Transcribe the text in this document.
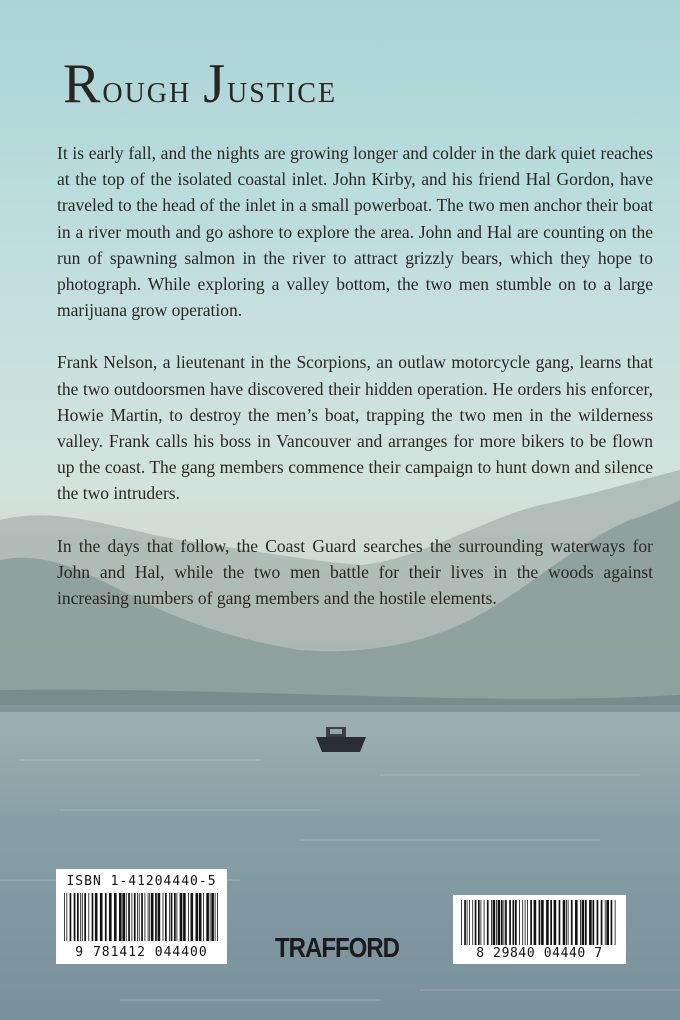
Rough Justice

It is early fall, and the nights are growing longer and colder in the dark quiet reaches at the top of the isolated coastal inlet. John Kirby, and his friend Hal Gordon, have traveled to the head of the inlet in a small powerboat. The two men anchor their boat in a river mouth and go ashore to explore the area. John and Hal are counting on the run of spawning salmon in the river to attract grizzly bears, which they hope to photograph. While exploring a valley bottom, the two men stumble on to a large marijuana grow operation.

Frank Nelson, a lieutenant in the Scorpions, an outlaw motorcycle gang, learns that the two outdoorsmen have discovered their hidden operation. He orders his enforcer, Howie Martin, to destroy the men’s boat, trapping the two men in the wilderness valley. Frank calls his boss in Vancouver and arranges for more bikers to be flown up the coast. The gang members commence their campaign to hunt down and silence the two intruders.

In the days that follow, the Coast Guard searches the surrounding waterways for John and Hal, while the two men battle for their lives in the woods against increasing numbers of gang members and the hostile elements.

ISBN 1-41204440-5
9 781412 044400	TRAFFORD	8 29840 04440 7
